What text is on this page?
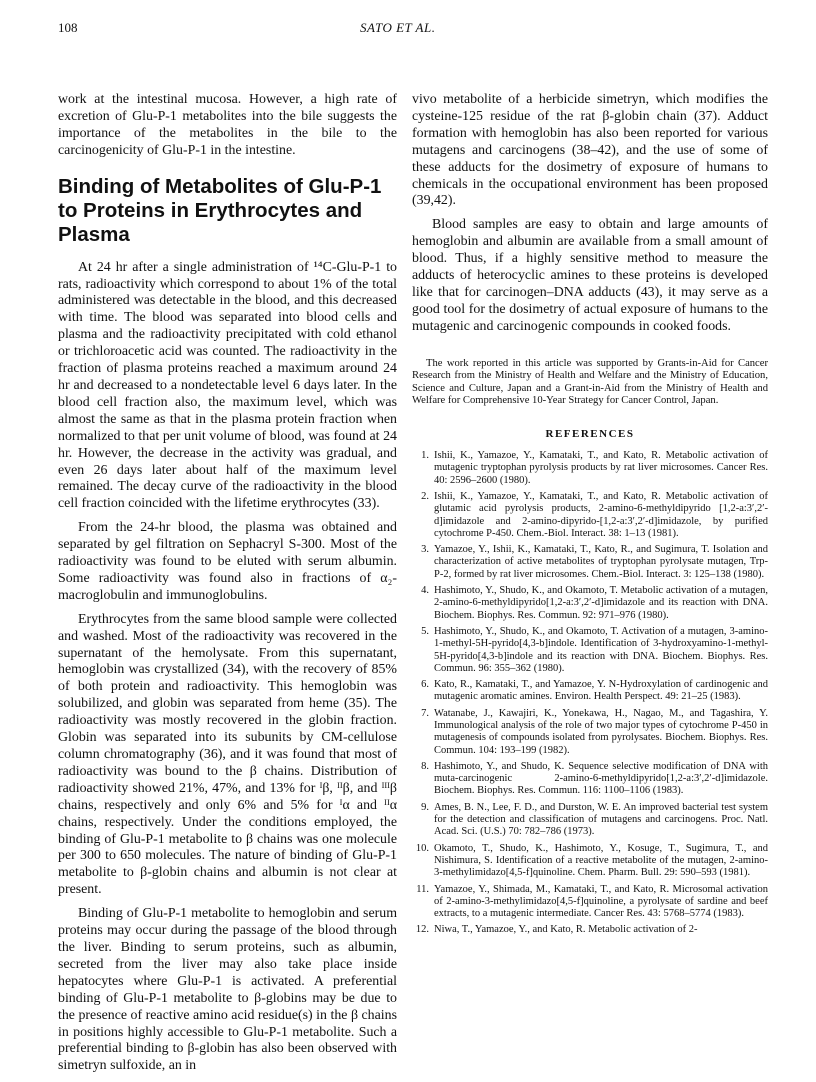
108	SATO ET AL.

work at the intestinal mucosa. However, a high rate of excretion of Glu-P-1 metabolites into the bile suggests the importance of the metabolites in the bile to the carcinogenicity of Glu-P-1 in the intestine.

Binding of Metabolites of Glu-P-1 to Proteins in Erythrocytes and Plasma

At 24 hr after a single administration of ¹⁴C-Glu-P-1 to rats, radioactivity which correspond to about 1% of the total administered was detectable in the blood, and this decreased with time. The blood was separated into blood cells and plasma and the radioactivity precipitated with cold ethanol or trichloroacetic acid was counted. The radioactivity in the fraction of plasma proteins reached a maximum around 24 hr and decreased to a nondetectable level 6 days later. In the blood cell fraction also, the maximum level, which was almost the same as that in the plasma protein fraction when normalized to that per unit volume of blood, was found at 24 hr. However, the decrease in the activity was gradual, and even 26 days later about half of the maximum level remained. The decay curve of the radioactivity in the blood cell fraction coincided with the lifetime erythrocytes (33).

From the 24-hr blood, the plasma was obtained and separated by gel filtration on Sephacryl S-300. Most of the radioactivity was found to be eluted with serum albumin. Some radioactivity was found also in fractions of α₂-macroglobulin and immunoglobulins.

Erythrocytes from the same blood sample were collected and washed. Most of the radioactivity was recovered in the supernatant of the hemolysate. From this supernatant, hemoglobin was crystallized (34), with the recovery of 85% of both protein and radioactivity. This hemoglobin was solubilized, and globin was separated from heme (35). The radioactivity was mostly recovered in the globin fraction. Globin was separated into its subunits by CM-cellulose column chromatography (36), and it was found that most of radioactivity was bound to the β chains. Distribution of radioactivity showed 21%, 47%, and 13% for ᴵβ, ᴵᴵβ, and ᴵᴵᴵβ chains, respectively and only 6% and 5% for ᴵα and ᴵᴵα chains, respectively. Under the conditions employed, the binding of Glu-P-1 metabolite to β chains was one molecule per 300 to 650 molecules. The nature of binding of Glu-P-1 metabolite to β-globin chains and albumin is not clear at present.

Binding of Glu-P-1 metabolite to hemoglobin and serum proteins may occur during the passage of the blood through the liver. Binding to serum proteins, such as albumin, secreted from the liver may also take place inside hepatocytes where Glu-P-1 is activated. A preferential binding of Glu-P-1 metabolite to β-globins may be due to the presence of reactive amino acid residue(s) in the β chains in positions highly accessible to Glu-P-1 metabolite. Such a preferential binding to β-globin has also been observed with simetryn sulfoxide, an in

vivo metabolite of a herbicide simetryn, which modifies the cysteine-125 residue of the rat β-globin chain (37). Adduct formation with hemoglobin has also been reported for various mutagens and carcinogens (38–42), and the use of some of these adducts for the dosimetry of exposure of humans to chemicals in the occupational environment has been proposed (39,42).

Blood samples are easy to obtain and large amounts of hemoglobin and albumin are available from a small amount of blood. Thus, if a highly sensitive method to measure the adducts of heterocyclic amines to these proteins is developed like that for carcinogen–DNA adducts (43), it may serve as a good tool for the dosimetry of actual exposure of humans to the mutagenic and carcinogenic compounds in cooked foods.

The work reported in this article was supported by Grants-in-Aid for Cancer Research from the Ministry of Health and Welfare and the Ministry of Education, Science and Culture, Japan and a Grant-in-Aid from the Ministry of Health and Welfare for Comprehensive 10-Year Strategy for Cancer Control, Japan.

REFERENCES
1. Ishii, K., Yamazoe, Y., Kamataki, T., and Kato, R. Metabolic activation of mutagenic tryptophan pyrolysis products by rat liver microsomes. Cancer Res. 40: 2596–2600 (1980).
2. Ishii, K., Yamazoe, Y., Kamataki, T., and Kato, R. Metabolic activation of glutamic acid pyrolysis products, 2-amino-6-methyldipyrido [1,2-a:3′,2′-d]imidazole and 2-amino-dipyrido-[1,2-a:3′,2′-d]imidazole, by purified cytochrome P-450. Chem.-Biol. Interact. 38: 1–13 (1981).
3. Yamazoe, Y., Ishii, K., Kamataki, T., Kato, R., and Sugimura, T. Isolation and characterization of active metabolites of tryptophan pyrolysate mutagen, Trp-P-2, formed by rat liver microsomes. Chem.-Biol. Interact. 3: 125–138 (1980).
4. Hashimoto, Y., Shudo, K., and Okamoto, T. Metabolic activation of a mutagen, 2-amino-6-methyldipyrido[1,2-a:3′,2′-d]imidazole and its reaction with DNA. Biochem. Biophys. Res. Commun. 92: 971–976 (1980).
5. Hashimoto, Y., Shudo, K., and Okamoto, T. Activation of a mutagen, 3-amino-1-methyl-5H-pyrido[4,3-b]indole. Identification of 3-hydroxyamino-1-methyl-5H-pyrido[4,3-b]indole and its reaction with DNA. Biochem. Biophys. Res. Commun. 96: 355–362 (1980).
6. Kato, R., Kamataki, T., and Yamazoe, Y. N-Hydroxylation of cardinogenic and mutagenic aromatic amines. Environ. Health Perspect. 49: 21–25 (1983).
7. Watanabe, J., Kawajiri, K., Yonekawa, H., Nagao, M., and Tagashira, Y. Immunological analysis of the role of two major types of cytochrome P-450 in mutagenesis of compounds isolated from pyrolysates. Biochem. Biophys. Res. Commun. 104: 193–199 (1982).
8. Hashimoto, Y., and Shudo, K. Sequence selective modification of DNA with muta-carcinogenic 2-amino-6-methyldipyrido[1,2-a:3′,2′-d]imidazole. Biochem. Biophys. Res. Commun. 116: 1100–1106 (1983).
9. Ames, B. N., Lee, F. D., and Durston, W. E. An improved bacterial test system for the detection and classification of mutagens and carcinogens. Proc. Natl. Acad. Sci. (U.S.) 70: 782–786 (1973).
10. Okamoto, T., Shudo, K., Hashimoto, Y., Kosuge, T., Sugimura, T., and Nishimura, S. Identification of a reactive metabolite of the mutagen, 2-amino-3-methylimidazo[4,5-f]quinoline. Chem. Pharm. Bull. 29: 590–593 (1981).
11. Yamazoe, Y., Shimada, M., Kamataki, T., and Kato, R. Microsomal activation of 2-amino-3-methylimidazo[4,5-f]quinoline, a pyrolysate of sardine and beef extracts, to a mutagenic intermediate. Cancer Res. 43: 5768–5774 (1983).
12. Niwa, T., Yamazoe, Y., and Kato, R. Metabolic activation of 2-
